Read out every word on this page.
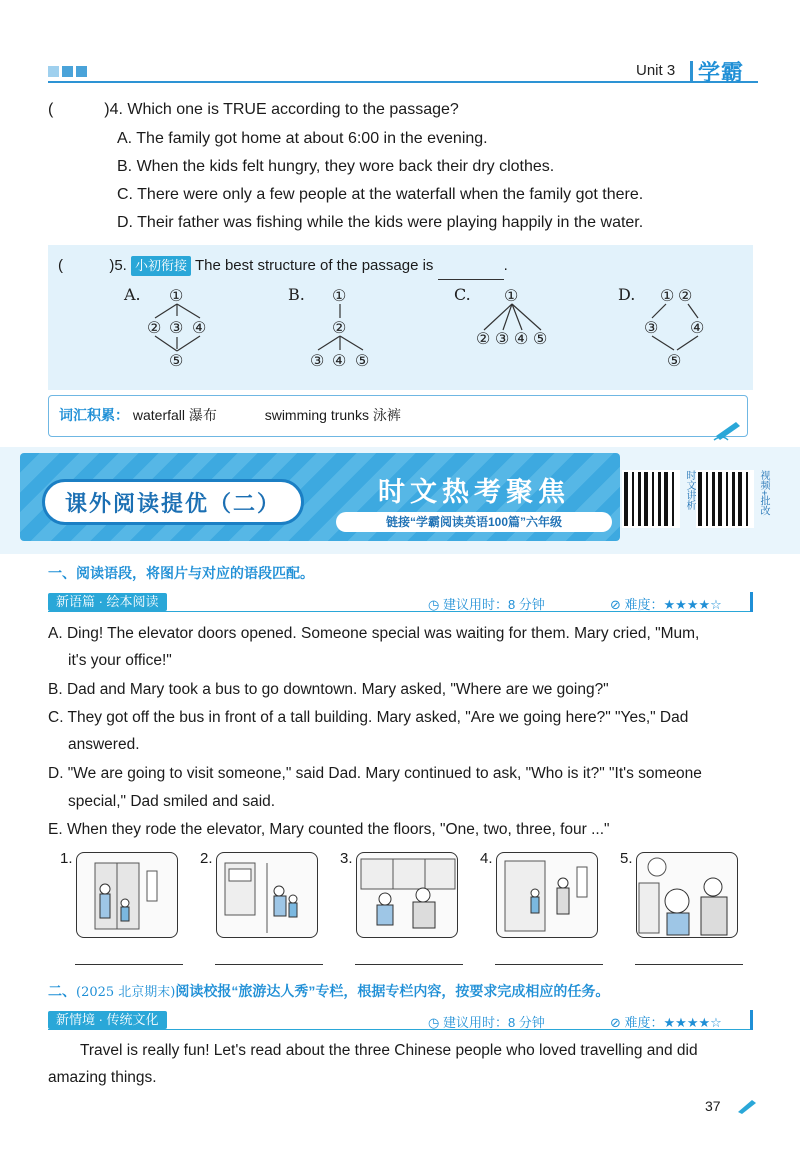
Unit 3 学霸
(	)4. Which one is TRUE according to the passage?
A. The family got home at about 6:00 in the evening.
B. When the kids felt hungry, they wore back their dry clothes.
C. There were only a few people at the waterfall when the family got there.
D. Their father was fishing while the kids were playing happily in the water.
(	)5. 小初衔接 The best structure of the passage is	.
A. ①
② ③ ④
⑤
B. ①
②
③ ④ ⑤
C. ①
② ③ ④ ⑤
D. ① ②
③ ④
⑤
词汇积累： waterfall 瀑布	swimming trunks 泳裤
课外阅读提优（二）	时文热考聚焦
链接“学霸阅读英语100篇”六年级
时文讲析	视频+批改
一、阅读语段，将图片与对应的语段匹配。
新语篇 · 绘本阅读	◷ 建议用时：8 分钟	⊘ 难度：★★★★☆
A. Ding! The elevator doors opened. Someone special was waiting for them. Mary cried, "Mum,
it's your office!"
B. Dad and Mary took a bus to go downtown. Mary asked, "Where are we going?"
C. They got off the bus in front of a tall building. Mary asked, "Are we going here?" "Yes," Dad
answered.
D. "We are going to visit someone," said Dad. Mary continued to ask, "Who is it?" "It's someone
special," Dad smiled and said.
E. When they rode the elevator, Mary counted the floors, "One, two, three, four ..."
1.	2.	3.	4.	5.
二、(2025 北京期末)阅读校报“旅游达人秀”专栏，根据专栏内容，按要求完成相应的任务。
新情境 · 传统文化	◷ 建议用时：8 分钟	⊘ 难度：★★★★☆
Travel is really fun! Let's read about the three Chinese people who loved travelling and did
amazing things.
37
